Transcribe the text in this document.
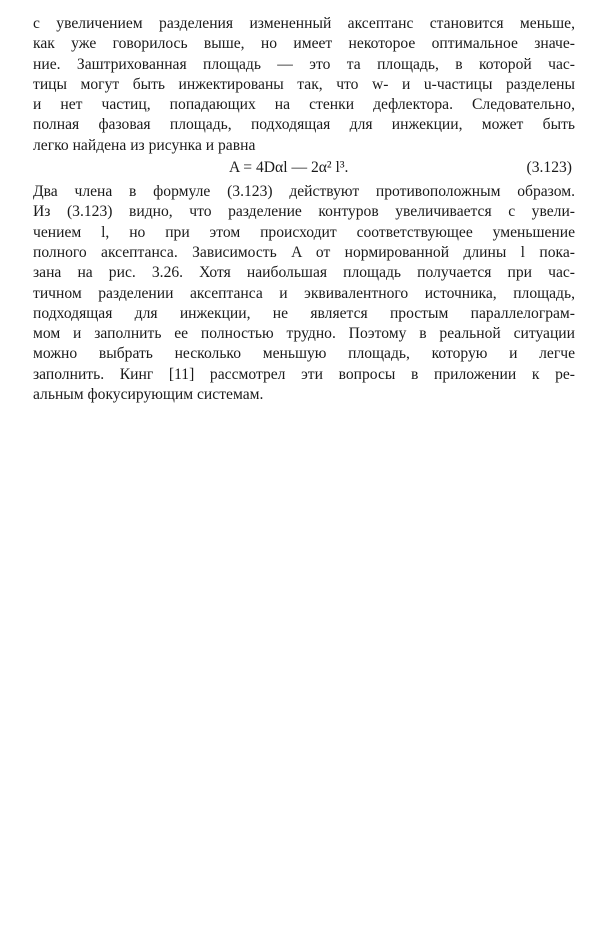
с увеличением разделения измененный аксептанс становится меньше,
как уже говорилось выше, но имеет некоторое оптимальное значе-
ние. Заштрихованная площадь — это та площадь, в которой час-
тицы могут быть инжектированы так, что w- и u-частицы разделены
и нет частиц, попадающих на стенки дефлектора. Следовательно,
полная фазовая площадь, подходящая для инжекции, может быть
легко найдена из рисунка и равна
A = 4Dαl — 2α² l³.	(3.123)
Два члена в формуле (3.123) действуют противоположным образом.
Из (3.123) видно, что разделение контуров увеличивается с увели-
чением l, но при этом происходит соответствующее уменьшение
полного аксептанса. Зависимость A от нормированной длины l пока-
зана на рис. 3.26. Хотя наибольшая площадь получается при час-
тичном разделении аксептанса и эквивалентного источника, площадь,
подходящая для инжекции, не является простым параллелограм-
мом и заполнить ее полностью трудно. Поэтому в реальной ситуации
можно выбрать несколько меньшую площадь, которую и легче
заполнить. Кинг [11] рассмотрел эти вопросы в приложении к ре-
альным фокусирующим системам.
